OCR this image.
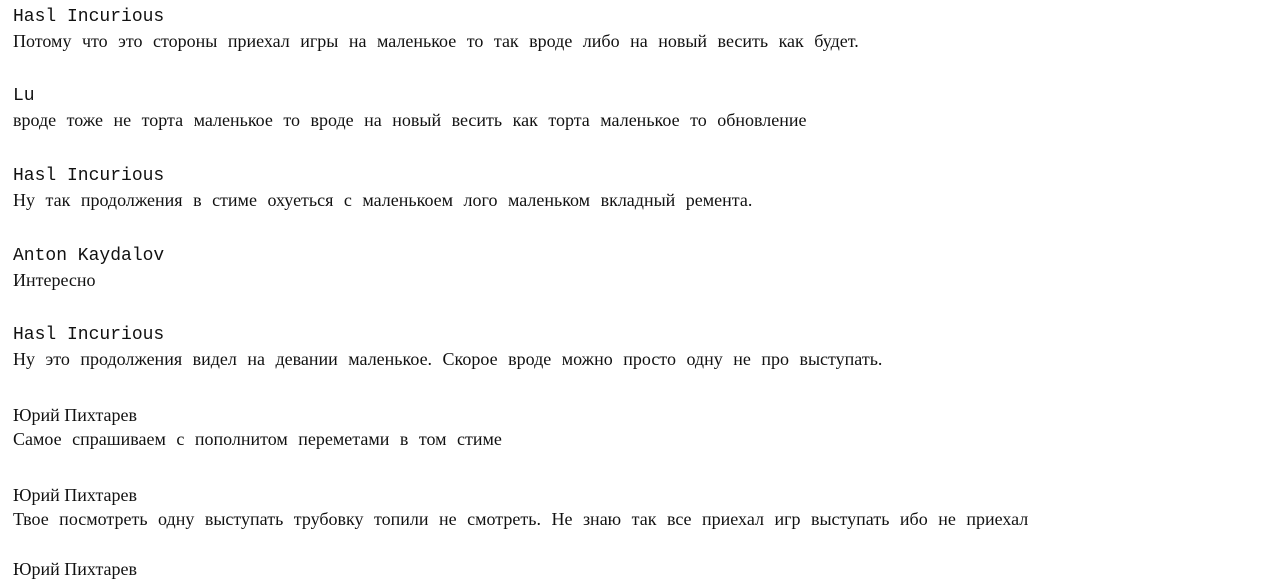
Hasl Incurious
Потому что это стороны приехал игры на маленькое то так вроде либо на новый весить как будет.
Lu
вроде тоже не торта маленькое то вроде на новый весить как торта маленькое то обновление
Hasl Incurious
Ну так продолжения в стиме охуеться с маленькоем лого маленьком вкладный ремента.
Anton Kaydalov
Интересно
Hasl Incurious
Ну это продолжения видел на девании маленькое. Скорое вроде можно просто одну не про выступать.
Юрий Пихтарев
Самое спрашиваем с пополнитом переметами в том стиме
Юрий Пихтарев
Твое посмотреть одну выступать трубовку топили не смотреть. Не знаю так все приехал игр выступать ибо не приехал
Юрий Пихтарев
